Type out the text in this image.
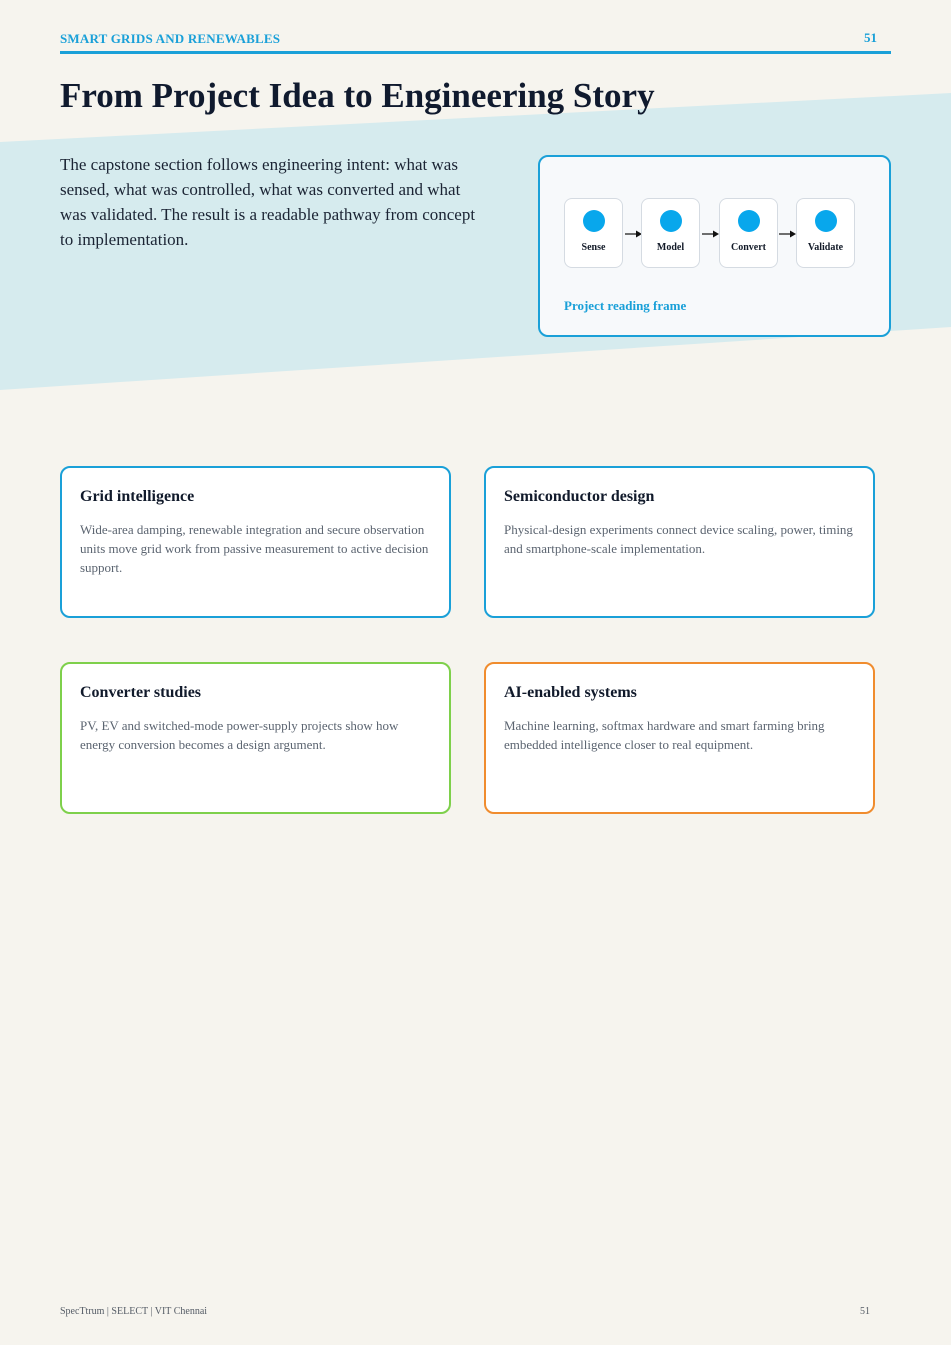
SMART GRIDS AND RENEWABLES	51
From Project Idea to Engineering Story

The capstone section follows engineering intent: what was sensed, what was controlled, what was converted and what was validated. The result is a readable pathway from concept to implementation.	Sense	Model	Convert	Validate
Project reading frame
Grid intelligence

Wide-area damping, renewable integration and secure observation units move grid work from passive measurement to active decision support.

Semiconductor design

Physical-design experiments connect device scaling, power, timing and smartphone-scale implementation.

Converter studies

PV, EV and switched-mode power-supply projects show how energy conversion becomes a design argument.

AI-enabled systems

Machine learning, softmax hardware and smart farming bring embedded intelligence closer to real equipment.

SpecTtrum | SELECT | VIT Chennai	51
